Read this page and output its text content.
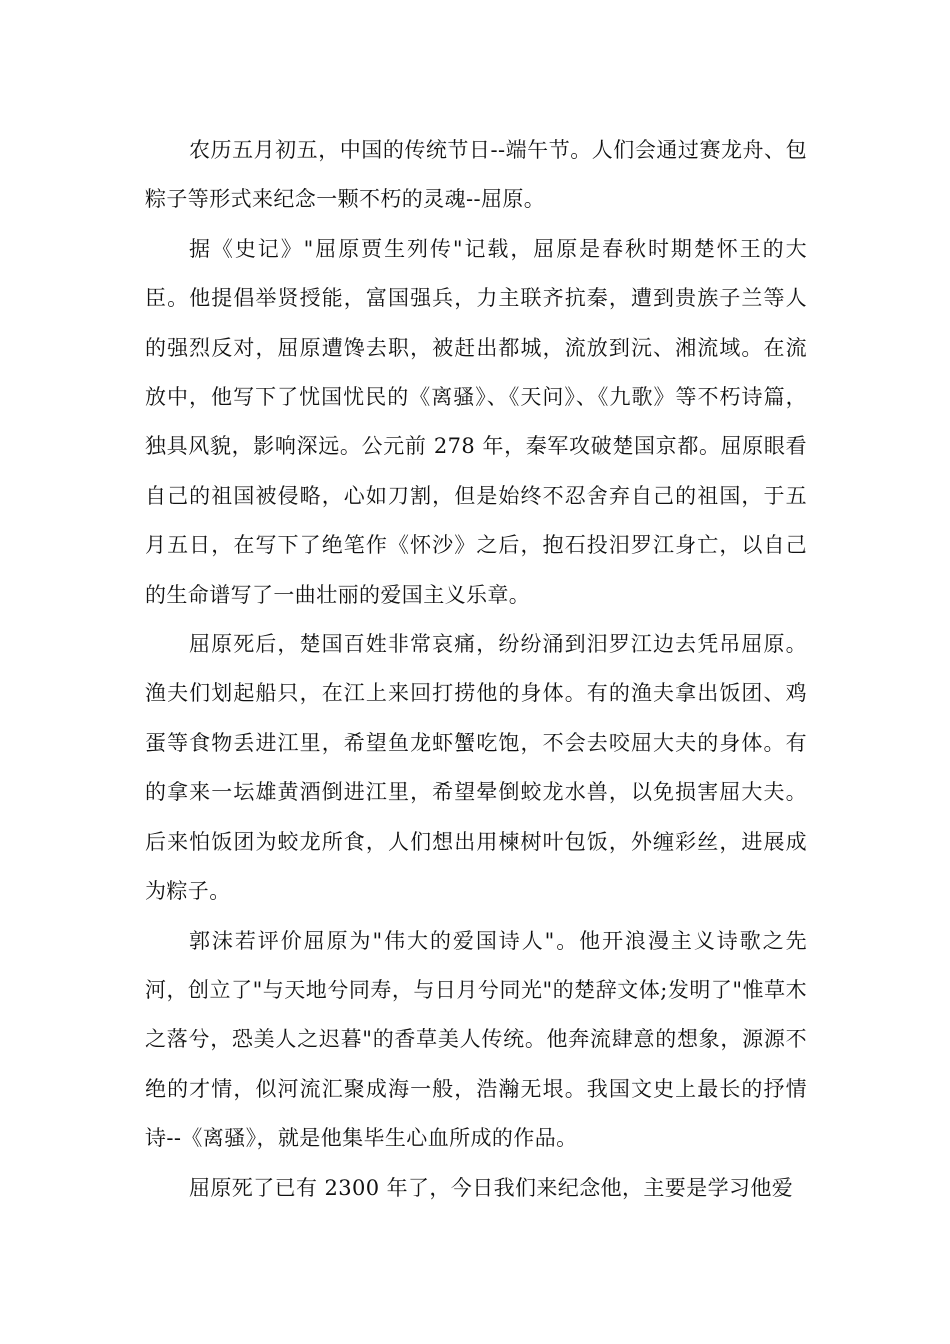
农历五月初五，中国的传统节日--端午节。人们会通过赛龙舟、包粽子等形式来纪念一颗不朽的灵魂--屈原。

据《史记》"屈原贾生列传"记载，屈原是春秋时期楚怀王的大臣。他提倡举贤授能，富国强兵，力主联齐抗秦，遭到贵族子兰等人的强烈反对，屈原遭馋去职，被赶出都城，流放到沅、湘流域。在流放中，他写下了忧国忧民的《离骚》、《天问》、《九歌》等不朽诗篇，独具风貌，影响深远。公元前 278 年，秦军攻破楚国京都。屈原眼看自己的祖国被侵略，心如刀割，但是始终不忍舍弃自己的祖国，于五月五日，在写下了绝笔作《怀沙》之后，抱石投汨罗江身亡，以自己的生命谱写了一曲壮丽的爱国主义乐章。

屈原死后，楚国百姓非常哀痛，纷纷涌到汨罗江边去凭吊屈原。渔夫们划起船只，在江上来回打捞他的身体。有的渔夫拿出饭团、鸡蛋等食物丢进江里，希望鱼龙虾蟹吃饱，不会去咬屈大夫的身体。有的拿来一坛雄黄酒倒进江里，希望晕倒蛟龙水兽，以免损害屈大夫。后来怕饭团为蛟龙所食，人们想出用楝树叶包饭，外缠彩丝，进展成为粽子。

郭沫若评价屈原为"伟大的爱国诗人"。他开浪漫主义诗歌之先河，创立了"与天地兮同寿，与日月兮同光"的楚辞文体;发明了"惟草木之落兮，恐美人之迟暮"的香草美人传统。他奔流肆意的想象，源源不绝的才情，似河流汇聚成海一般，浩瀚无垠。我国文史上最长的抒情诗--《离骚》，就是他集毕生心血所成的作品。

屈原死了已有 2300 年了，今日我们来纪念他，主要是学习他爱
